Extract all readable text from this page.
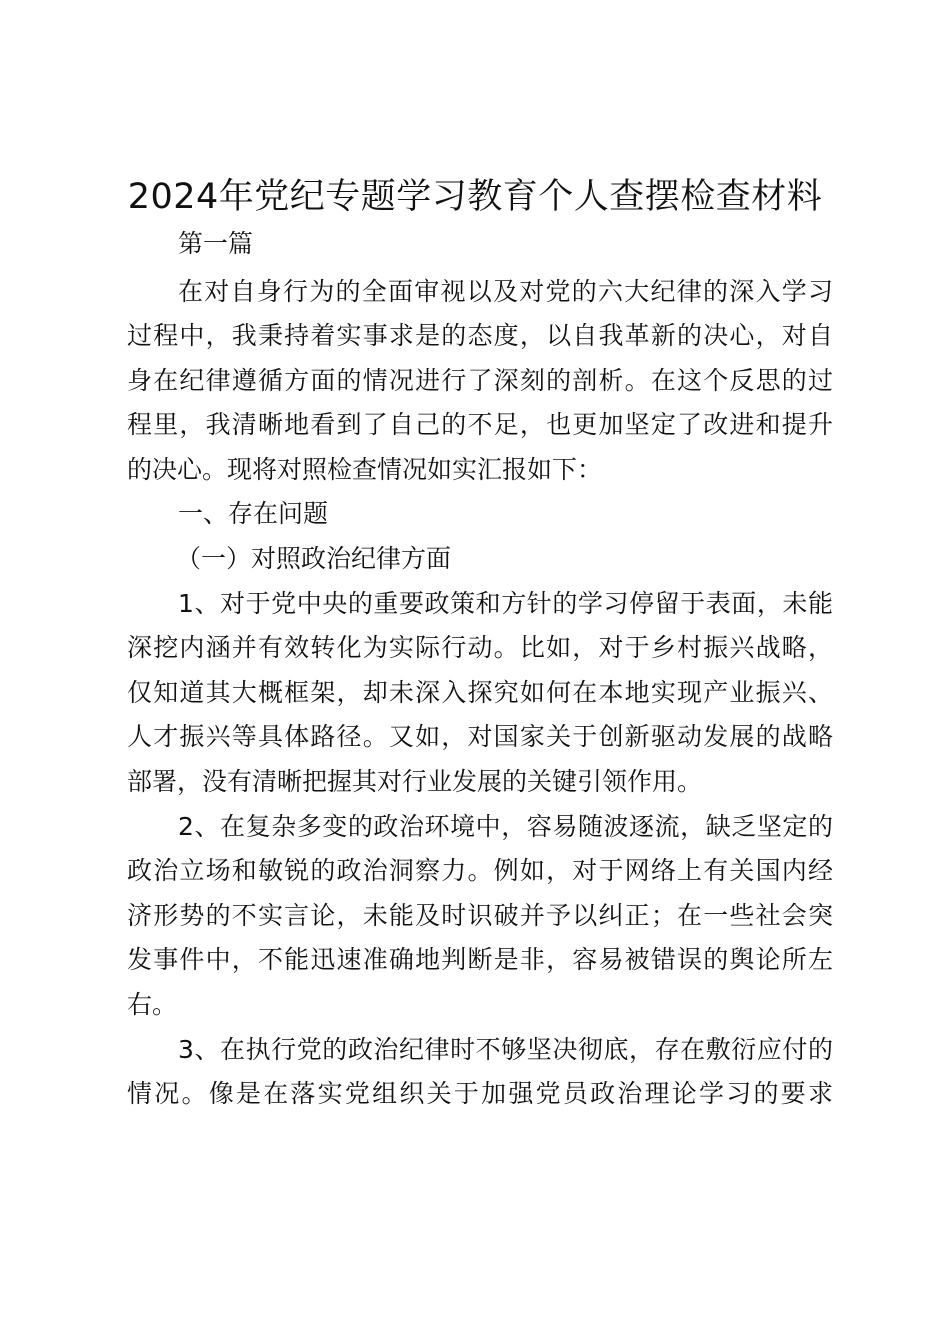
2024年党纪专题学习教育个人查摆检查材料
第一篇
在对自身行为的全面审视以及对党的六大纪律的深入学习
过程中，我秉持着实事求是的态度，以自我革新的决心，对自
身在纪律遵循方面的情况进行了深刻的剖析。在这个反思的过
程里，我清晰地看到了自己的不足，也更加坚定了改进和提升
的决心。现将对照检查情况如实汇报如下：
一、存在问题
（一）对照政治纪律方面
1、对于党中央的重要政策和方针的学习停留于表面，未能
深挖内涵并有效转化为实际行动。比如，对于乡村振兴战略，
仅知道其大概框架，却未深入探究如何在本地实现产业振兴、
人才振兴等具体路径。又如，对国家关于创新驱动发展的战略
部署，没有清晰把握其对行业发展的关键引领作用。
2、在复杂多变的政治环境中，容易随波逐流，缺乏坚定的
政治立场和敏锐的政治洞察力。例如，对于网络上有关国内经
济形势的不实言论，未能及时识破并予以纠正；在一些社会突
发事件中，不能迅速准确地判断是非，容易被错误的舆论所左
右。
3、在执行党的政治纪律时不够坚决彻底，存在敷衍应付的
情况。像是在落实党组织关于加强党员政治理论学习的要求
